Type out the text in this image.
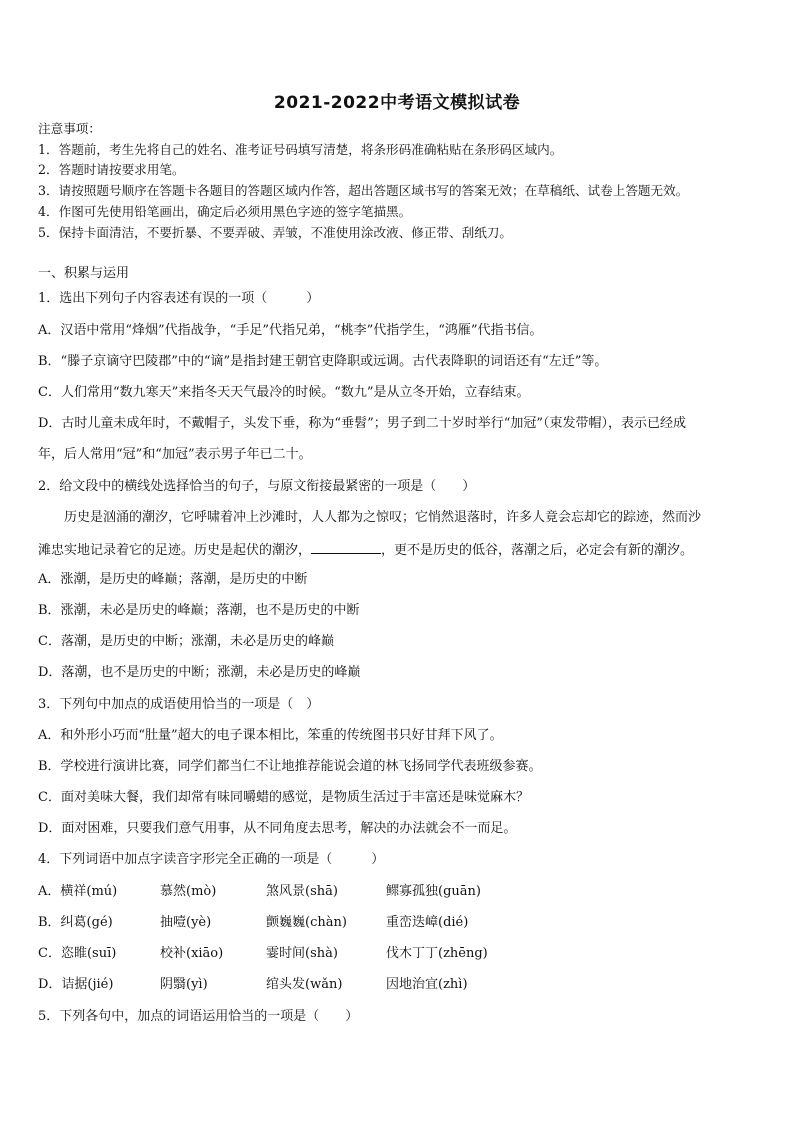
2021-2022中考语文模拟试卷
注意事项：
1．答题前，考生先将自己的姓名、准考证号码填写清楚，将条形码准确粘贴在条形码区域内。
2．答题时请按要求用笔。
3．请按照题号顺序在答题卡各题目的答题区域内作答，超出答题区域书写的答案无效；在草稿纸、试卷上答题无效。
4．作图可先使用铅笔画出，确定后必须用黑色字迹的签字笔描黑。
5．保持卡面清洁，不要折暴、不要弄破、弄皱，不准使用涂改液、修正带、刮纸刀。
一、积累与运用
1．选出下列句子内容表述有误的一项（　　　）
A．汉语中常用“烽烟”代指战争，“手足”代指兄弟，“桃李”代指学生，“鸿雁”代指书信。
B．“滕子京谪守巴陵郡”中的“谪”是指封建王朝官吏降职或远调。古代表降职的词语还有“左迁”等。
C．人们常用“数九寒天”来指冬天天气最冷的时候。“数九”是从立冬开始，立春结束。
D．古时儿童未成年时，不戴帽子，头发下垂，称为“垂髫”；男子到二十岁时举行“加冠”（束发带帽），表示已经成
年，后人常用“冠”和“加冠”表示男子年已二十。
2．给文段中的横线处选择恰当的句子，与原文衔接最紧密的一项是（　　）
历史是汹涌的潮汐，它呼啸着冲上沙滩时，人人都为之惊叹；它悄然退落时，许多人竟会忘却它的踪迹，然而沙
滩忠实地记录着它的足迹。历史是起伏的潮汐，	，更不是历史的低谷，落潮之后，必定会有新的潮汐。
A．涨潮，是历史的峰巅；落潮，是历史的中断
B．涨潮，未必是历史的峰巅；落潮，也不是历史的中断
C．落潮，是历史的中断；涨潮，未必是历史的峰巅
D．落潮，也不是历史的中断；涨潮，未必是历史的峰巅
3．下列句中加点的成语使用恰当的一项是（　）
A．和外形小巧而“肚量”超大的电子课本相比，笨重的传统图书只好甘拜下风了。
B．学校进行演讲比赛，同学们都当仁不让地推荐能说会道的林飞扬同学代表班级参赛。
C．面对美味大餐，我们却常有味同嚼蜡的感觉，是物质生活过于丰富还是味觉麻木？
D．面对困难，只要我们意气用事，从不同角度去思考，解决的办法就会不一而足。
4．下列词语中加点字读音字形完全正确的一项是（　　　）
A．横祥(mú)	慕然(mò)	煞风景(shā)	鳏寡孤独(guān)
B．纠葛(gé)	抽噎(yè)	颤巍巍(chàn)	重峦迭嶂(dié)
C．恣睢(suī)	校补(xiāo)	霎时间(shà)	伐木丁丁(zhēng)
D．诘据(jié)	阴翳(yì)	绾头发(wǎn)	因地治宜(zhì)
5．下列各句中，加点的词语运用恰当的一项是（　　）
